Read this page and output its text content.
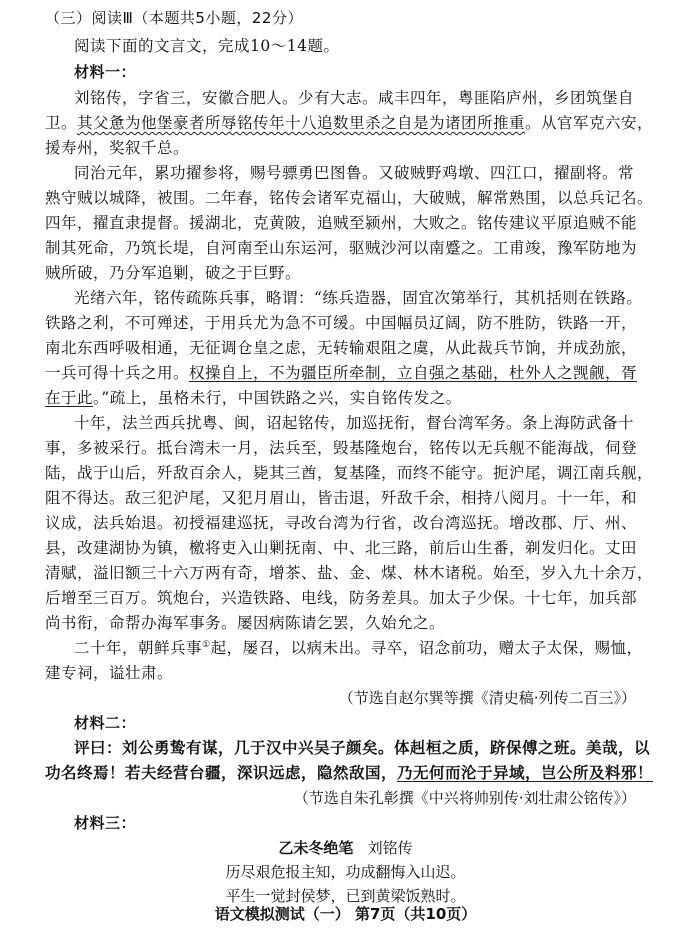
（三）阅读Ⅲ（本题共5小题，22分）
阅读下面的文言文，完成10～14题。
材料一：
刘铭传，字省三，安徽合肥人。少有大志。咸丰四年，粤匪陷庐州，乡团筑堡自
卫。其父惫为他堡豪者所辱铭传年十八追数里杀之自是为诸团所推重。从官军克六安，
援寿州，奖叙千总。
同治元年，累功擢参将，赐号骠勇巴图鲁。又破贼野鸡墩、四江口，擢副将。常
熟守贼以城降，被围。二年春，铭传会诸军克福山，大破贼，解常熟围，以总兵记名。
四年，擢直隶提督。援湖北，克黄陂，追贼至颍州，大败之。铭传建议平原追贼不能
制其死命，乃筑长堤，自河南至山东运河，驱贼沙河以南蹙之。工甫竣，豫军防地为
贼所破，乃分军追剿，破之于巨野。
光绪六年，铭传疏陈兵事，略谓：“练兵造器，固宜次第举行，其机括则在铁路。
铁路之利，不可殚述，于用兵尤为急不可缓。中国幅员辽阔，防不胜防，铁路一开，
南北东西呼吸相通，无征调仓皇之虑，无转输艰阻之虞，从此裁兵节饷，并成劲旅，
一兵可得十兵之用。权操自上，不为疆臣所牵制，立自强之基础，杜外人之觊觎，胥
在于此。”疏上，虽格未行，中国铁路之兴，实自铭传发之。
十年，法兰西兵扰粤、闽，诏起铭传，加巡抚衔，督台湾军务。条上海防武备十
事，多被采行。抵台湾未一月，法兵至，毁基隆炮台，铭传以无兵舰不能海战，伺登
陆，战于山后，歼敌百余人，毙其三酋，复基隆，而终不能守。扼沪尾，调江南兵舰，
阻不得达。敌三犯沪尾，又犯月眉山，皆击退，歼敌千余，相持八阅月。十一年，和
议成，法兵始退。初授福建巡抚，寻改台湾为行省，改台湾巡抚。增改郡、厅、州、
县，改建湖协为镇，檄将吏入山剿抚南、中、北三路，前后山生番，剃发归化。丈田
清赋，溢旧额三十六万两有奇，增茶、盐、金、煤、林木诸税。始至，岁入九十余万，
后增至三百万。筑炮台，兴造铁路、电线，防务差具。加太子少保。十七年，加兵部
尚书衔，命帮办海军事务。屡因病陈请乞罢，久始允之。
二十年，朝鲜兵事①起，屡召，以病未出。寻卒，诏念前功，赠太子太保，赐恤，
建专祠，谥壮肃。
（节选自赵尔巽等撰《清史稿·列传二百三》）
材料二：
评曰：刘公勇鸷有谋，几于汉中兴吴子颜矣。体赳桓之质，跻保傅之班。美哉，以
功名终焉！若夫经营台疆，深识远虑，隐然敌国，乃无何而沦于异域，岂公所及料邪！
（节选自朱孔彰撰《中兴将帅别传·刘壮肃公铭传》）
材料三：
乙未冬绝笔 刘铭传
历尽艰危报主知，功成翻悔入山迟。
平生一觉封侯梦，已到黄梁饭熟时。
语文模拟测试（一） 第7页（共10页）
